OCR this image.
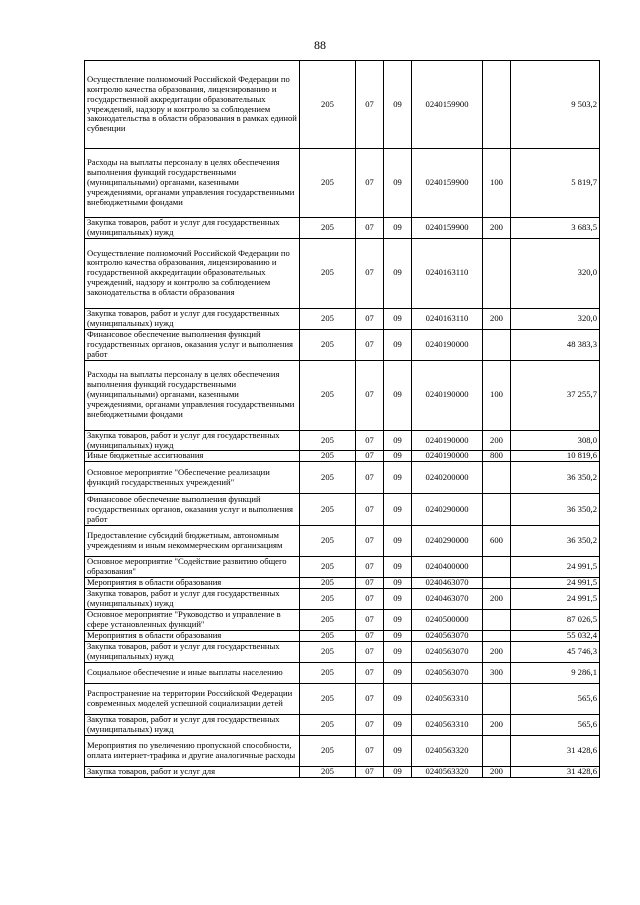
88
Осуществление полномочий Российской Федерации по контролю качества образования, лицензированию и государственной аккредитации образовательных учреждений, надзору и контролю за соблюдением законодательства в области образования в рамках единой субвенции	205	07	09	0240159900		9 503,2
Расходы на выплаты персоналу в целях обеспечения выполнения функций государственными (муниципальными) органами, казенными учреждениями, органами управления государственными внебюджетными фондами	205	07	09	0240159900	100	5 819,7
Закупка товаров, работ и услуг для государственных (муниципальных) нужд	205	07	09	0240159900	200	3 683,5
Осуществление полномочий Российской Федерации по контролю качества образования, лицензированию и государственной аккредитации образовательных учреждений, надзору и контролю за соблюдением законодательства в области образования	205	07	09	0240163110		320,0
Закупка товаров, работ и услуг для государственных (муниципальных) нужд	205	07	09	0240163110	200	320,0
Финансовое обеспечение выполнения функций государственных органов, оказания услуг и выполнения работ	205	07	09	0240190000		48 383,3
Расходы на выплаты персоналу в целях обеспечения выполнения функций государственными (муниципальными) органами, казенными учреждениями, органами управления государственными внебюджетными фондами	205	07	09	0240190000	100	37 255,7
Закупка товаров, работ и услуг для государственных (муниципальных) нужд	205	07	09	0240190000	200	308,0
Иные бюджетные ассигнования	205	07	09	0240190000	800	10 819,6
Основное мероприятие "Обеспечение реализации функций государственных учреждений"	205	07	09	0240200000		36 350,2
Финансовое обеспечение выполнения функций государственных органов, оказания услуг и выполнения работ	205	07	09	0240290000		36 350,2
Предоставление субсидий бюджетным, автономным учреждениям и иным некоммерческим организациям	205	07	09	0240290000	600	36 350,2
Основное мероприятие "Содействие развитию общего образования"	205	07	09	0240400000		24 991,5
Мероприятия в области образования	205	07	09	0240463070		24 991,5
Закупка товаров, работ и услуг для государственных (муниципальных) нужд	205	07	09	0240463070	200	24 991,5
Основное мероприятие "Руководство и управление в сфере установленных функций"	205	07	09	0240500000		87 026,5
Мероприятия в области образования	205	07	09	0240563070		55 032,4
Закупка товаров, работ и услуг для государственных (муниципальных) нужд	205	07	09	0240563070	200	45 746,3
Социальное обеспечение и иные выплаты населению	205	07	09	0240563070	300	9 286,1
Распространение на территории Российской Федерации современных моделей успешной социализации детей	205	07	09	0240563310		565,6
Закупка товаров, работ и услуг для государственных (муниципальных) нужд	205	07	09	0240563310	200	565,6
Мероприятия по увеличению пропускной способности, оплата интернет-трафика и другие аналогичные расходы	205	07	09	0240563320		31 428,6
Закупка товаров, работ и услуг для	205	07	09	0240563320	200	31 428,6
